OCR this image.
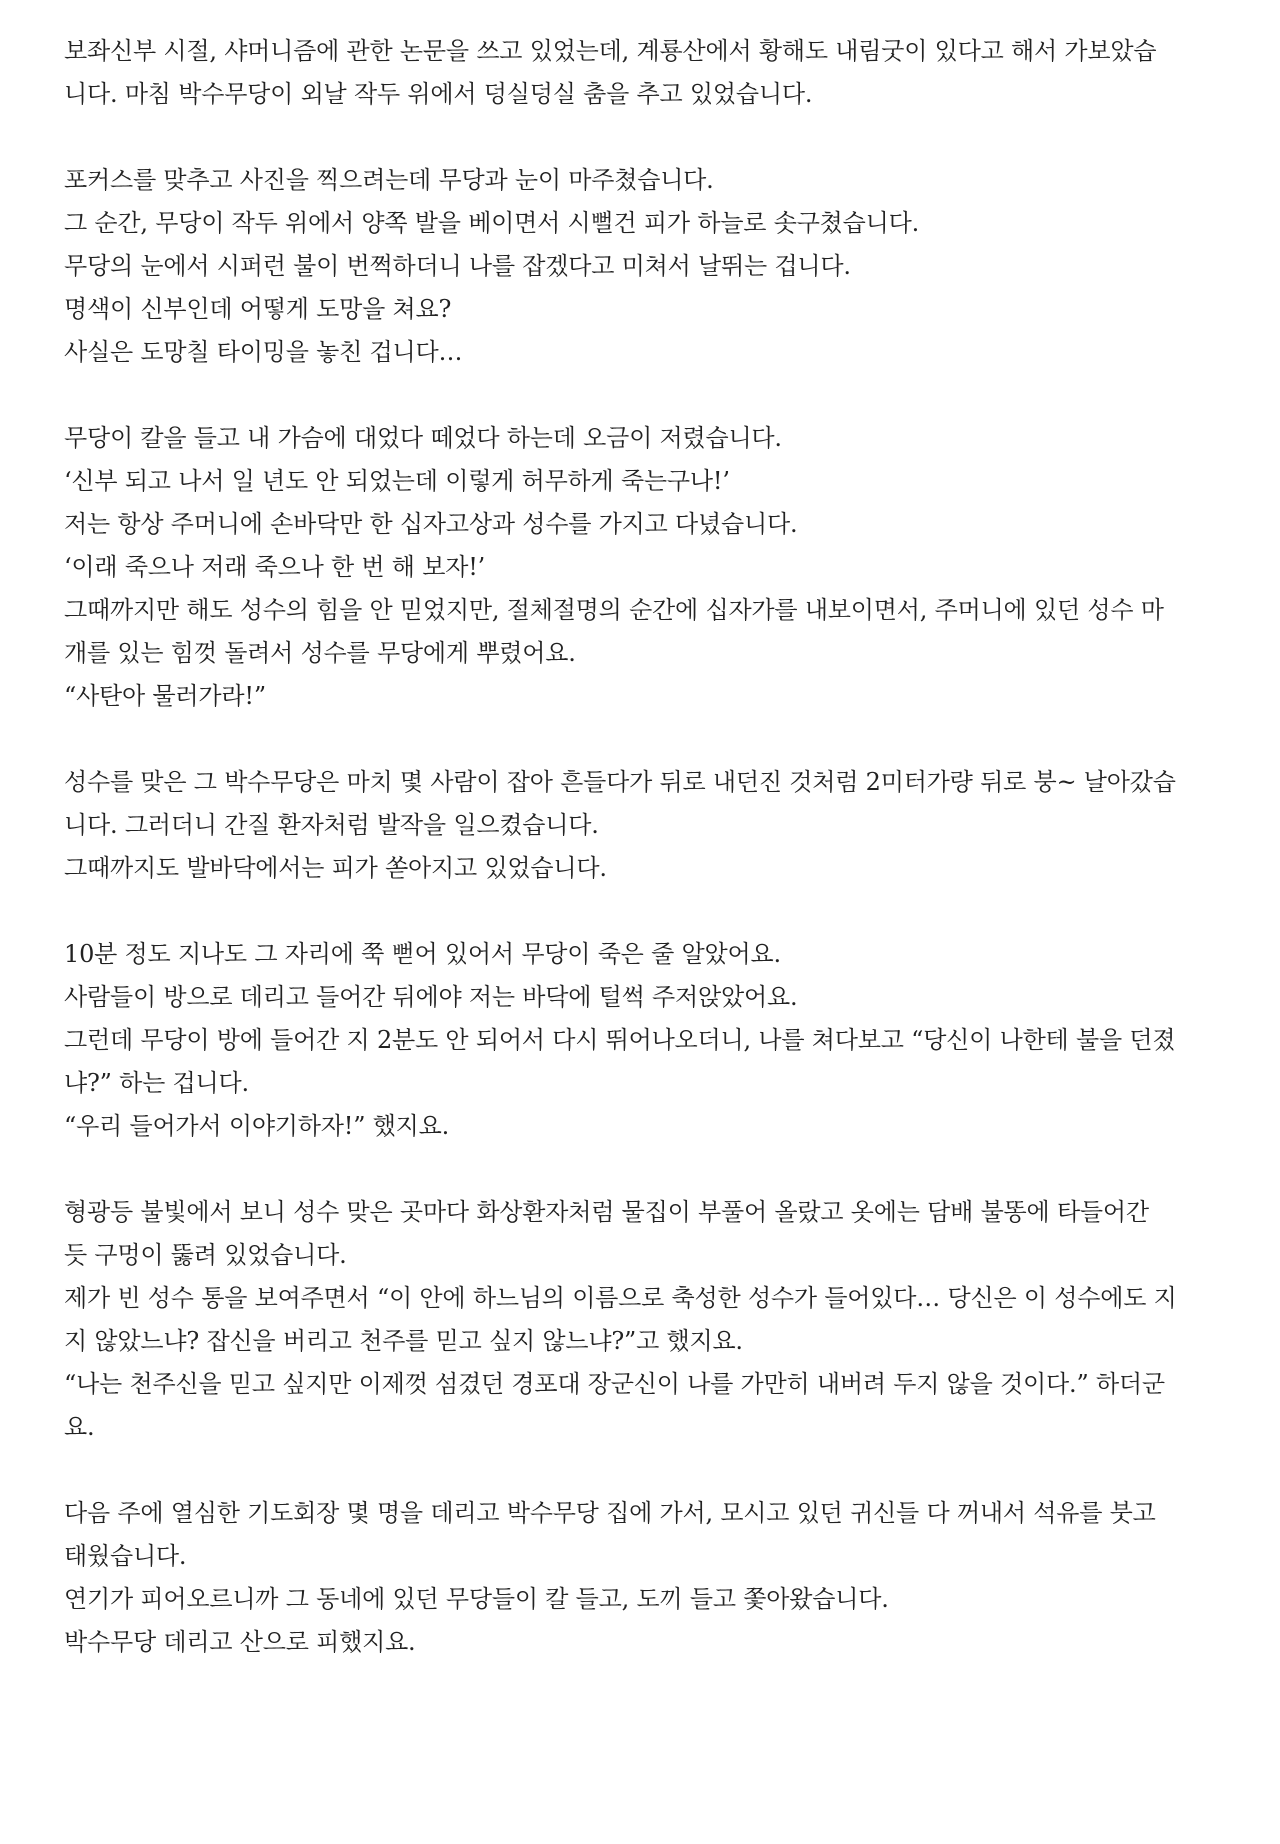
보좌신부 시절, 샤머니즘에 관한 논문을 쓰고 있었는데, 계룡산에서 황해도 내림굿이 있다고 해서 가보았습
니다. 마침 박수무당이 외날 작두 위에서 덩실덩실 춤을 추고 있었습니다.
포커스를 맞추고 사진을 찍으려는데 무당과 눈이 마주쳤습니다.
그 순간, 무당이 작두 위에서 양쪽 발을 베이면서 시뻘건 피가 하늘로 솟구쳤습니다.
무당의 눈에서 시퍼런 불이 번쩍하더니 나를 잡겠다고 미쳐서 날뛰는 겁니다.
명색이 신부인데 어떻게 도망을 쳐요?
사실은 도망칠 타이밍을 놓친 겁니다…
무당이 칼을 들고 내 가슴에 대었다 떼었다 하는데 오금이 저렸습니다.
‘신부 되고 나서 일 년도 안 되었는데 이렇게 허무하게 죽는구나!’
저는 항상 주머니에 손바닥만 한 십자고상과 성수를 가지고 다녔습니다.
‘이래 죽으나 저래 죽으나 한 번 해 보자!’
그때까지만 해도 성수의 힘을 안 믿었지만, 절체절명의 순간에 십자가를 내보이면서, 주머니에 있던 성수 마
개를 있는 힘껏 돌려서 성수를 무당에게 뿌렸어요.
“사탄아 물러가라!”
성수를 맞은 그 박수무당은 마치 몇 사람이 잡아 흔들다가 뒤로 내던진 것처럼 2미터가량 뒤로 붕~ 날아갔습
니다. 그러더니 간질 환자처럼 발작을 일으켰습니다.
그때까지도 발바닥에서는 피가 쏟아지고 있었습니다.
10분 정도 지나도 그 자리에 쭉 뻗어 있어서 무당이 죽은 줄 알았어요.
사람들이 방으로 데리고 들어간 뒤에야 저는 바닥에 털썩 주저앉았어요.
그런데 무당이 방에 들어간 지 2분도 안 되어서 다시 뛰어나오더니, 나를 쳐다보고 “당신이 나한테 불을 던졌
냐?” 하는 겁니다.
“우리 들어가서 이야기하자!” 했지요.
형광등 불빛에서 보니 성수 맞은 곳마다 화상환자처럼 물집이 부풀어 올랐고 옷에는 담배 불똥에 타들어간
듯 구멍이 뚫려 있었습니다.
제가 빈 성수 통을 보여주면서 “이 안에 하느님의 이름으로 축성한 성수가 들어있다… 당신은 이 성수에도 지
지 않았느냐? 잡신을 버리고 천주를 믿고 싶지 않느냐?”고 했지요.
“나는 천주신을 믿고 싶지만 이제껏 섬겼던 경포대 장군신이 나를 가만히 내버려 두지 않을 것이다.” 하더군
요.
다음 주에 열심한 기도회장 몇 명을 데리고 박수무당 집에 가서, 모시고 있던 귀신들 다 꺼내서 석유를 붓고
태웠습니다.
연기가 피어오르니까 그 동네에 있던 무당들이 칼 들고, 도끼 들고 쫓아왔습니다.
박수무당 데리고 산으로 피했지요.
